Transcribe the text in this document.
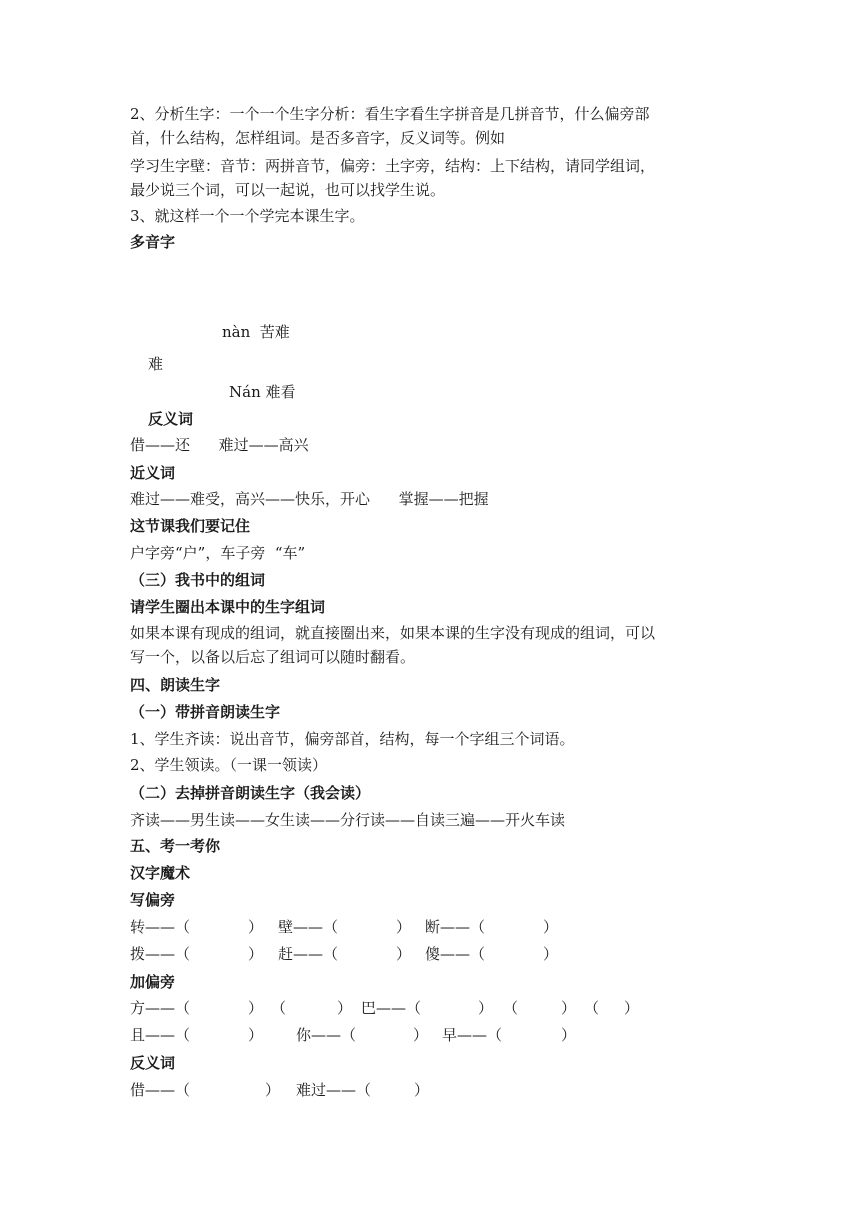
2、分析生字：一个一个生字分析：看生字看生字拼音是几拼音节，什么偏旁部
首，什么结构，怎样组词。是否多音字，反义词等。例如
学习生字壁：音节：两拼音节，偏旁：土字旁，结构：上下结构，请同学组词，
最少说三个词，可以一起说，也可以找学生说。
3、就这样一个一个学完本课生字。
多音字
nàn  苦难
难
Nán 难看
反义词
借——还      难过——高兴
近义词
难过——难受，高兴——快乐，开心      掌握——把握
这节课我们要记住
户字旁“户”，车子旁  “车”
（三）我书中的组词
请学生圈出本课中的生字组词
如果本课有现成的组词，就直接圈出来，如果本课的生字没有现成的组词，可以
写一个，以备以后忘了组词可以随时翻看。
四、朗读生字
（一）带拼音朗读生字
1、学生齐读：说出音节，偏旁部首，结构，每一个字组三个词语。
2、学生领读。（一课一领读）
（二）去掉拼音朗读生字（我会读）
齐读——男生读——女生读——分行读——自读三遍——开火车读
五、考一考你
汉字魔术
写偏旁
转——（	） 壁——（	） 断——（	）
拨——（	） 赶——（	） 傻——（	）
加偏旁
方——（	） （	） 巴——（	） （	） （ ）
且——（	） 你——（	） 早——（	）
反义词
借——（	） 难过——（	）
